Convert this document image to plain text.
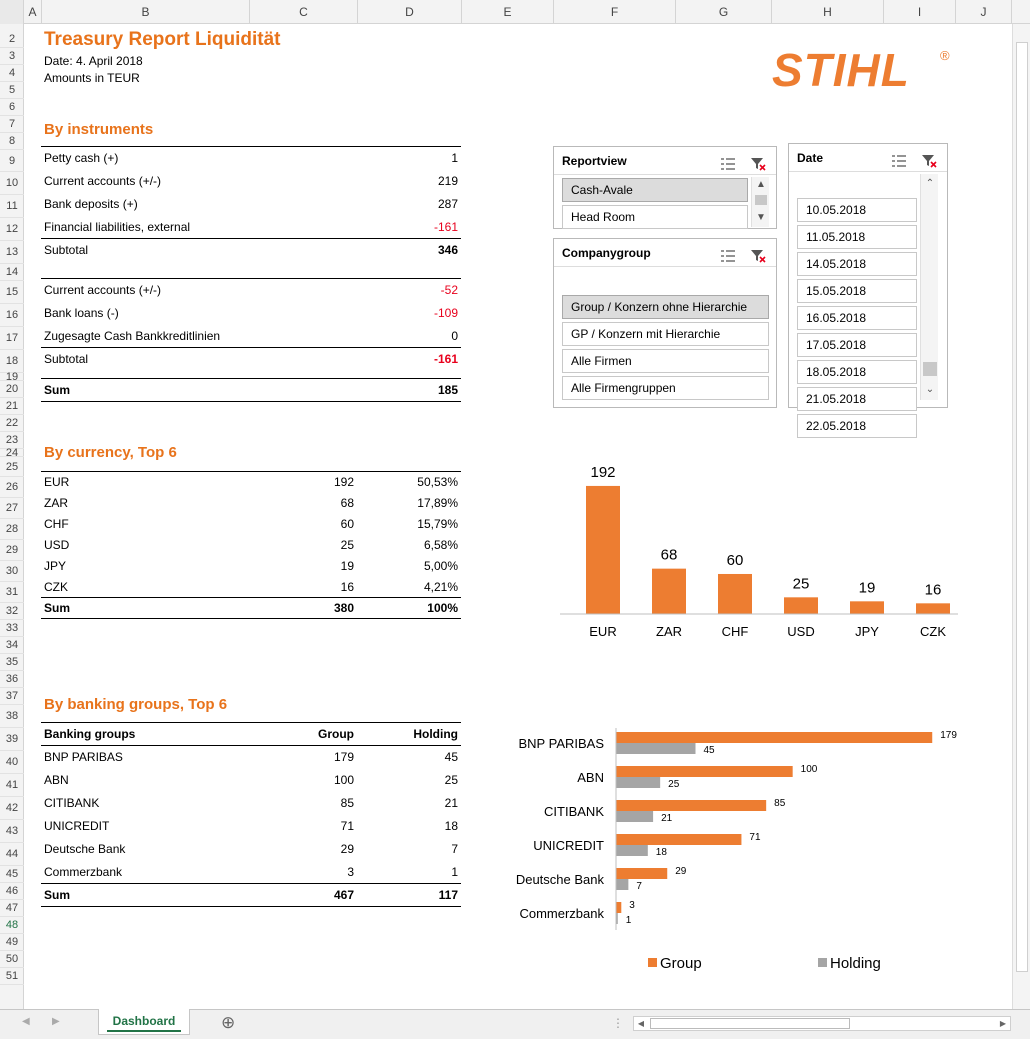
A	B	C	D	E	F	G	H	I	J
2
3
4
5
6
7
8
9
10
11
12
13
14
15
16
17
18
19
20
21
22
23
24
25
26
27
28
29
30
31
32
33
34
35
36
37
38
39
40
41
42
43
44
45
46
47
48
49
50
51
Treasury Report Liquidität
Date: 4. April 2018
Amounts in TEUR	STIHL ®
By instruments
Petty cash (+)	1
Current accounts (+/-)	219
Bank deposits (+)	287
Financial liabilities, external	-161
Subtotal	346

Current accounts (+/-)	-52
Bank loans (-)	-109
Zugesagte Cash Bankkreditlinien	0
Subtotal	-161

Sum	185
Reportview
Cash-Avale
Head Room
▲
▼
Companygroup
Group / Konzern ohne Hierarchie
GP / Konzern mit Hierarchie
Alle Firmen
Alle Firmengruppen
Date
10.05.2018
11.05.2018
14.05.2018
15.05.2018
16.05.2018
17.05.2018
18.05.2018
21.05.2018
22.05.2018
⌃
⌄
By currency, Top 6
EUR	192	50,53%
ZAR	68	17,89%
CHF	60	15,79%
USD	25	6,58%
JPY	19	5,00%
CZK	16	4,21%
Sum	380	100%
192
EUR
68
ZAR
60
CHF
25
USD
19
JPY
16
CZK
By banking groups, Top 6
Banking groups	Group	Holding
BNP PARIBAS	179	45
ABN	100	25
CITIBANK	85	21
UNICREDIT	71	18
Deutsche Bank	29	7
Commerzbank	3	1
Sum	467	117
BNP PARIBAS
179
45
ABN
100
25
CITIBANK
85
21
UNICREDIT
71
18
Deutsche Bank
29
7
Commerzbank
3
1
Group	Holding
◀ ▶	Dashboard	⊕	⋮	◀	▶
